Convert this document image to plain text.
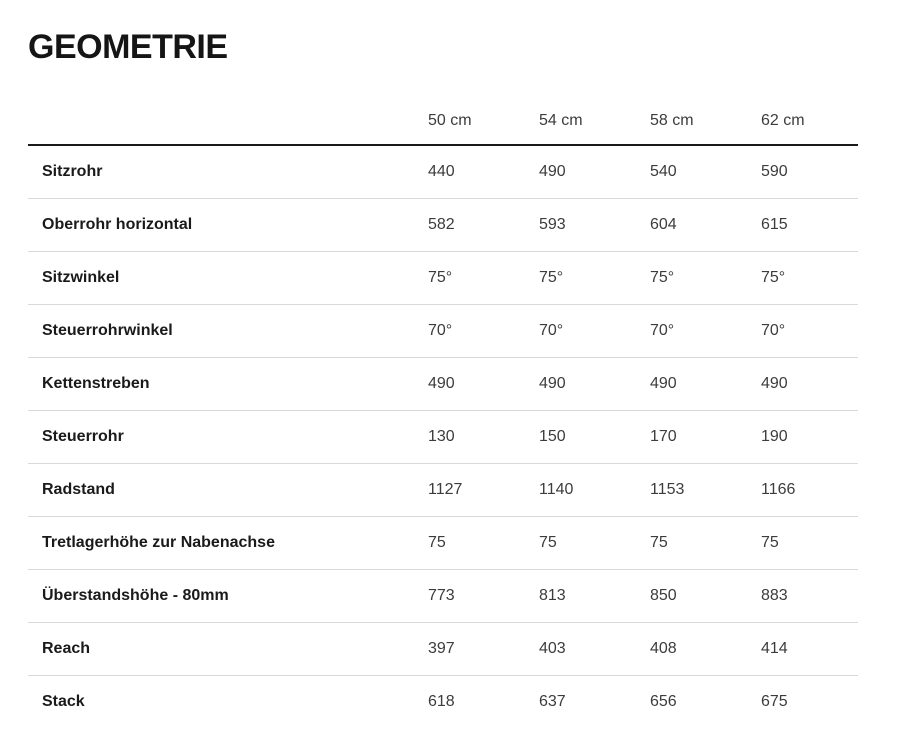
GEOMETRIE
	50 cm	54 cm	58 cm	62 cm
Sitzrohr	440	490	540	590
Oberrohr horizontal	582	593	604	615
Sitzwinkel	75°	75°	75°	75°
Steuerrohrwinkel	70°	70°	70°	70°
Kettenstreben	490	490	490	490
Steuerrohr	130	150	170	190
Radstand	1127	1140	1153	1166
Tretlagerhöhe zur Nabenachse	75	75	75	75
Überstandshöhe - 80mm	773	813	850	883
Reach	397	403	408	414
Stack	618	637	656	675
